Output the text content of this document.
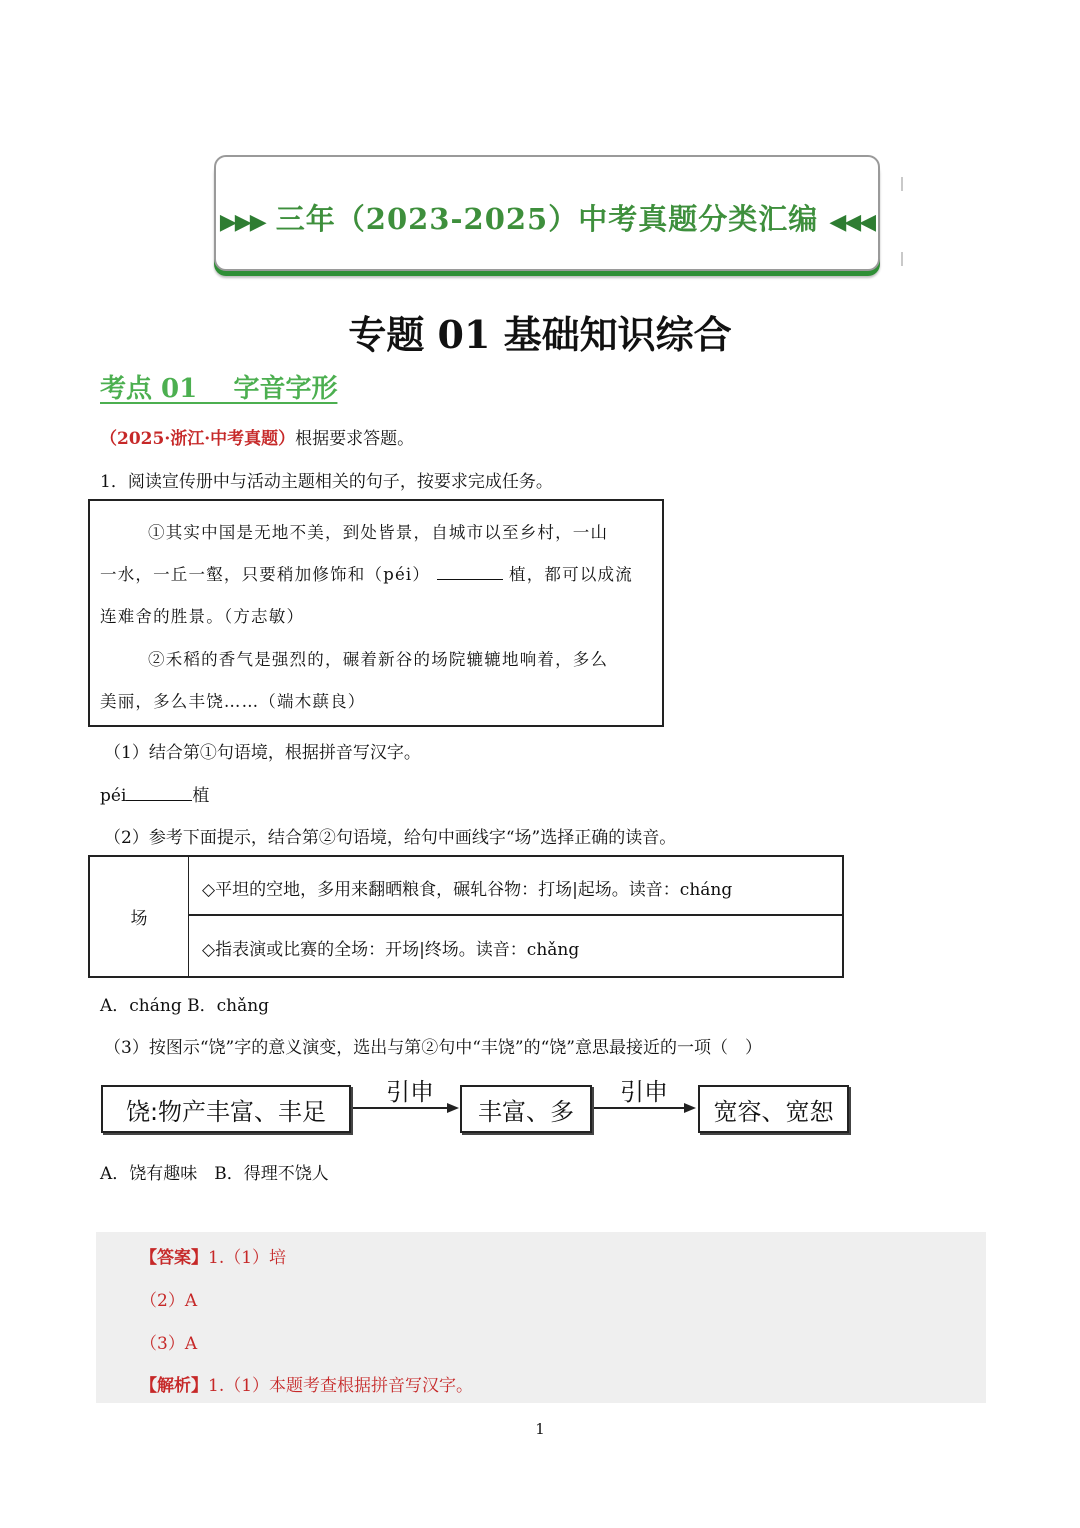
▶▶▶ 三年（2023-2025）中考真题分类汇编 ◀◀◀
专题 01 基础知识综合
考点 01    字音字形
（2025·浙江·中考真题）根据要求答题。
1．阅读宣传册中与活动主题相关的句子，按要求完成任务。
①其实中国是无地不美，到处皆景，自城市以至乡村，一山
一水，一丘一壑，只要稍加修饰和（péi）	植，都可以成流
连难舍的胜景。（方志敏）
②禾稻的香气是强烈的，碾着新谷的场院辘辘地响着，多么
美丽，多么丰饶……（端木蕻良）
（1）结合第①句语境，根据拼音写汉字。
péi	植
（2）参考下面提示，结合第②句语境，给句中画线字“场”选择正确的读音。
场
◇平坦的空地，多用来翻晒粮食，碾轧谷物：打场|起场。读音：cháng
◇指表演或比赛的全场：开场|终场。读音：chǎng
A．cháng B．chǎng
（3）按图示“饶”字的意义演变，选出与第②句中“丰饶”的“饶”意思最接近的一项（　）
饶:物产丰富、丰足
引申
丰富、多
引申
宽容、宽恕
A．饶有趣味　B．得理不饶人
【答案】1.（1）培
（2）A
（3）A
【解析】1.（1）本题考查根据拼音写汉字。
1
